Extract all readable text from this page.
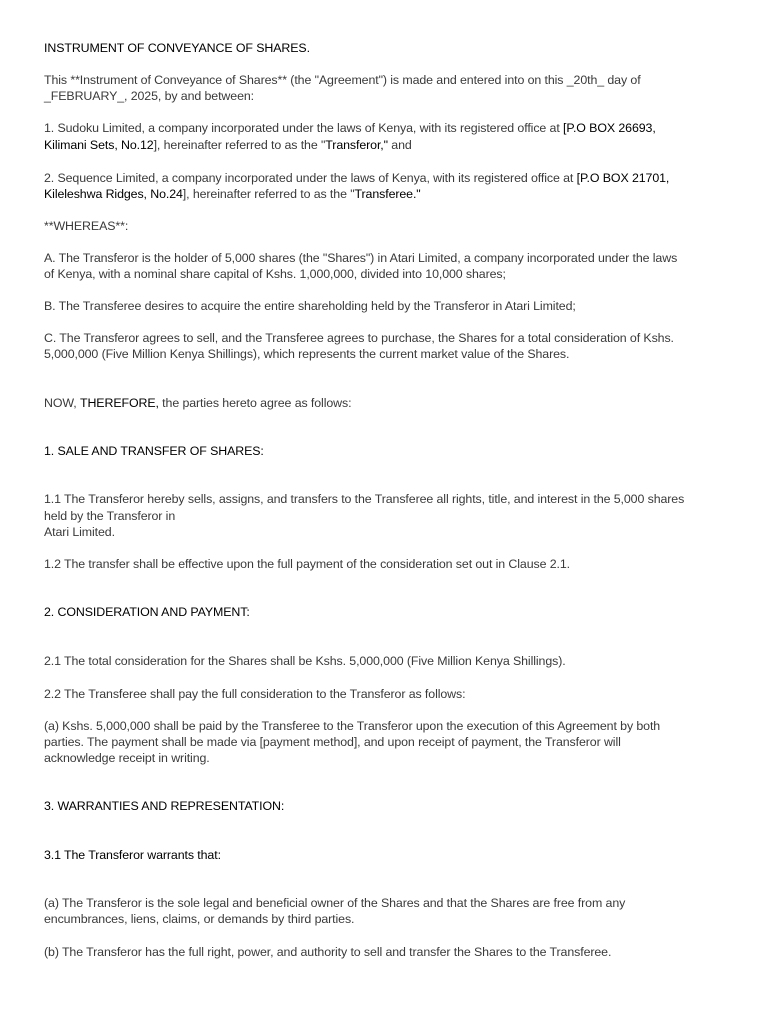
INSTRUMENT OF CONVEYANCE OF SHARES.
This **Instrument of Conveyance of Shares** (the "Agreement") is made and entered into on this _20th_ day of
_FEBRUARY_, 2025, by and between:
1. Sudoku Limited, a company incorporated under the laws of Kenya, with its registered office at [P.O BOX 26693,
Kilimani Sets, No.12], hereinafter referred to as the "Transferor," and
2. Sequence Limited, a company incorporated under the laws of Kenya, with its registered office at [P.O BOX 21701,
Kileleshwa Ridges, No.24], hereinafter referred to as the "Transferee."
**WHEREAS**:
A. The Transferor is the holder of 5,000 shares (the "Shares") in Atari Limited, a company incorporated under the laws
of Kenya, with a nominal share capital of Kshs. 1,000,000, divided into 10,000 shares;
B. The Transferee desires to acquire the entire shareholding held by the Transferor in Atari Limited;
C. The Transferor agrees to sell, and the Transferee agrees to purchase, the Shares for a total consideration of Kshs.
5,000,000 (Five Million Kenya Shillings), which represents the current market value of the Shares.
NOW, THEREFORE, the parties hereto agree as follows:
1. SALE AND TRANSFER OF SHARES:
1.1 The Transferor hereby sells, assigns, and transfers to the Transferee all rights, title, and interest in the 5,000 shares
held by the Transferor in
Atari Limited.
1.2 The transfer shall be effective upon the full payment of the consideration set out in Clause 2.1.
2. CONSIDERATION AND PAYMENT:
2.1 The total consideration for the Shares shall be Kshs. 5,000,000 (Five Million Kenya Shillings).
2.2 The Transferee shall pay the full consideration to the Transferor as follows:
(a) Kshs. 5,000,000 shall be paid by the Transferee to the Transferor upon the execution of this Agreement by both
parties. The payment shall be made via [payment method], and upon receipt of payment, the Transferor will
acknowledge receipt in writing.
3. WARRANTIES AND REPRESENTATION:
3.1 The Transferor warrants that:
(a) The Transferor is the sole legal and beneficial owner of the Shares and that the Shares are free from any
encumbrances, liens, claims, or demands by third parties.
(b) The Transferor has the full right, power, and authority to sell and transfer the Shares to the Transferee.
